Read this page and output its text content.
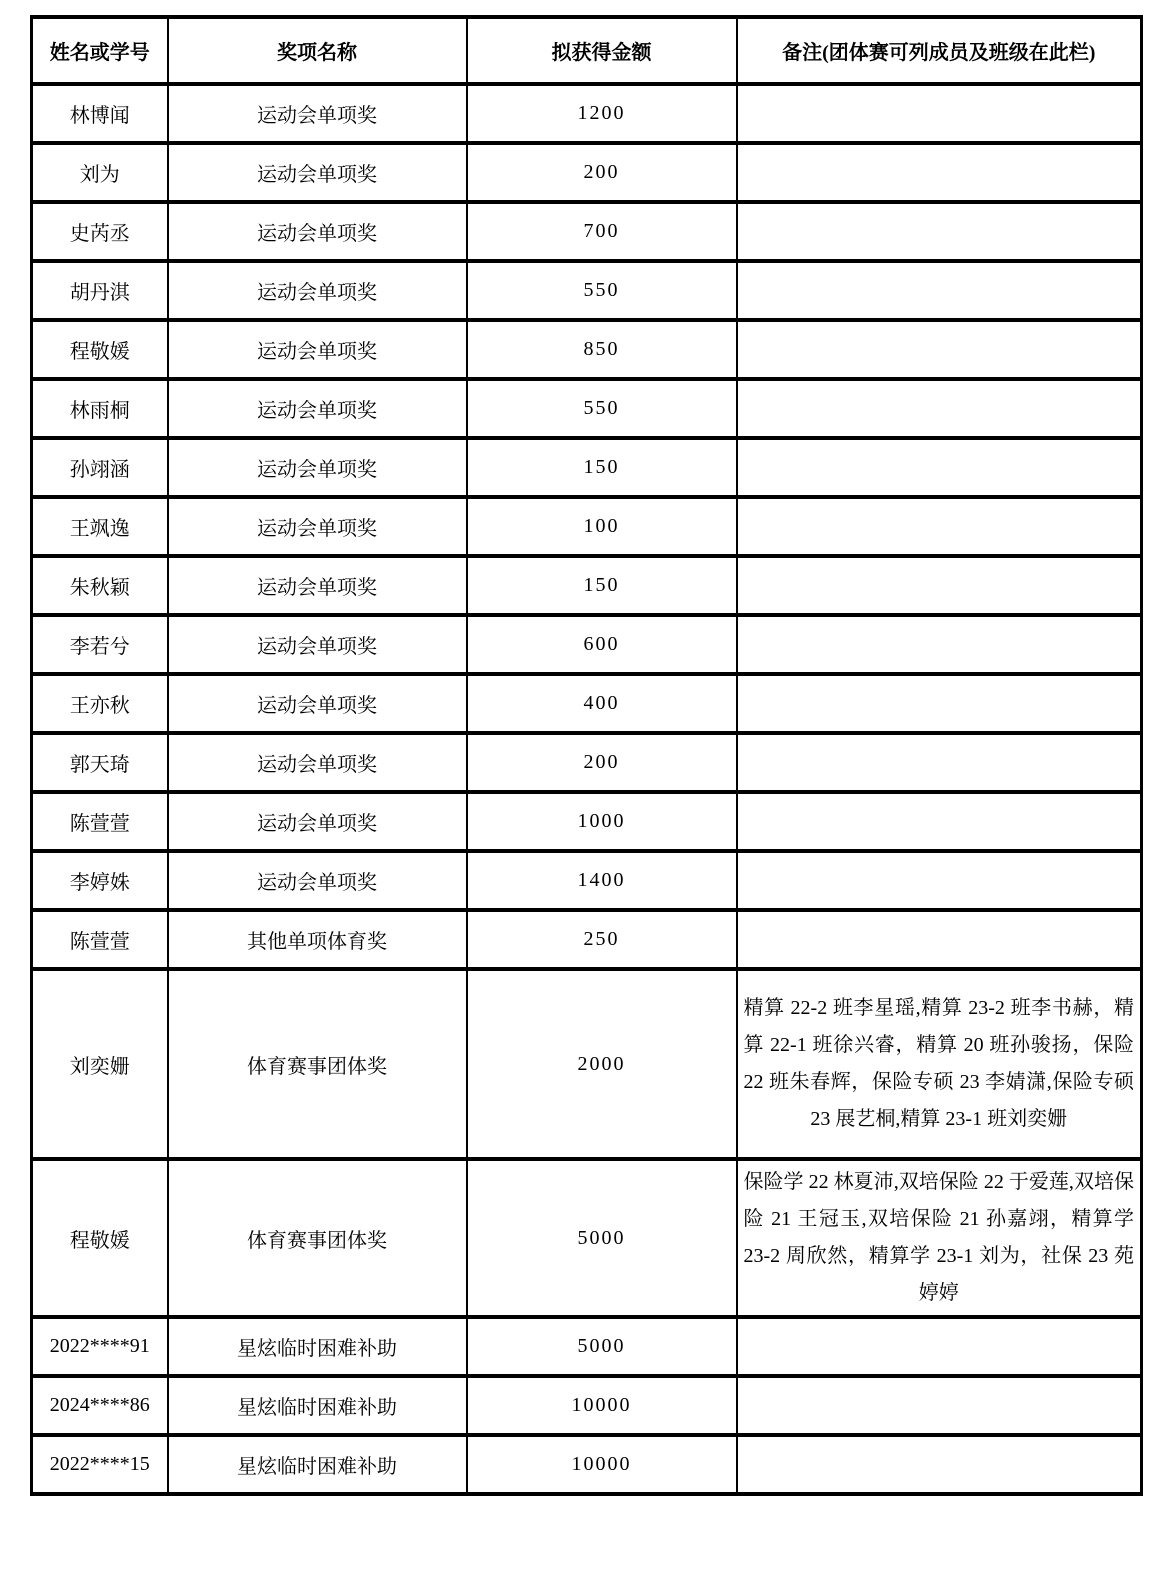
姓名或学号	奖项名称	拟获得金额	备注(团体赛可列成员及班级在此栏)
林博闻	运动会单项奖	1200	
刘为	运动会单项奖	200	
史芮丞	运动会单项奖	700	
胡丹淇	运动会单项奖	550	
程敬媛	运动会单项奖	850	
林雨桐	运动会单项奖	550	
孙翊涵	运动会单项奖	150	
王飒逸	运动会单项奖	100	
朱秋颖	运动会单项奖	150	
李若兮	运动会单项奖	600	
王亦秋	运动会单项奖	400	
郭天琦	运动会单项奖	200	
陈萱萱	运动会单项奖	1000	
李婷姝	运动会单项奖	1400	
陈萱萱	其他单项体育奖	250	
刘奕姗	体育赛事团体奖	2000	精算 22-2 班李星瑶,精算 23-2 班李书赫，精算 22-1 班徐兴睿，精算 20 班孙骏扬，保险 22 班朱春辉，保险专硕 23 李婧潇,保险专硕 23 展艺桐,精算 23-1 班刘奕姗
程敬媛	体育赛事团体奖	5000	保险学 22 林夏沛,双培保险 22 于爱莲,双培保险 21 王冠玉,双培保险 21 孙嘉翊，精算学 23-2 周欣然，精算学 23-1 刘为，社保 23 苑婷婷
2022****91	星炫临时困难补助	5000	
2024****86	星炫临时困难补助	10000	
2022****15	星炫临时困难补助	10000	
